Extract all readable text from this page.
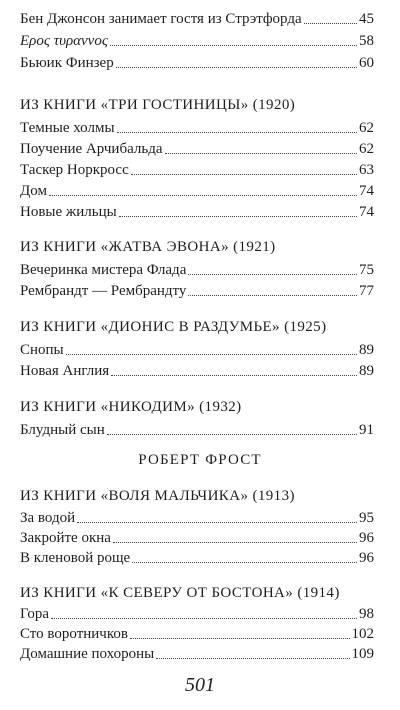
Бен Джонсон занимает гостя из Стрэтфорда	45
Ερος τυραννος	58
Бьюик Финзер	60
ИЗ КНИГИ «ТРИ ГОСТИНИЦЫ» (1920)
Темные холмы	62
Поучение Арчибальда	62
Таскер Норкросс	63
Дом	74
Новые жильцы	74
ИЗ КНИГИ «ЖАТВА ЭВОНА» (1921)
Вечеринка мистера Флада	75
Рембрандт — Рембрандту	77
ИЗ КНИГИ «ДИОНИС В РАЗДУМЬЕ» (1925)
Снопы	89
Новая Англия	89
ИЗ КНИГИ «НИКОДИМ» (1932)
Блудный сын	91
РОБЕРТ ФРОСТ
ИЗ КНИГИ «ВОЛЯ МАЛЬЧИКА» (1913)
За водой	95
Закройте окна	96
В кленовой роще	96
ИЗ КНИГИ «К СЕВЕРУ ОТ БОСТОНА» (1914)
Гора	98
Сто воротничков	102
Домашние похороны	109
501
